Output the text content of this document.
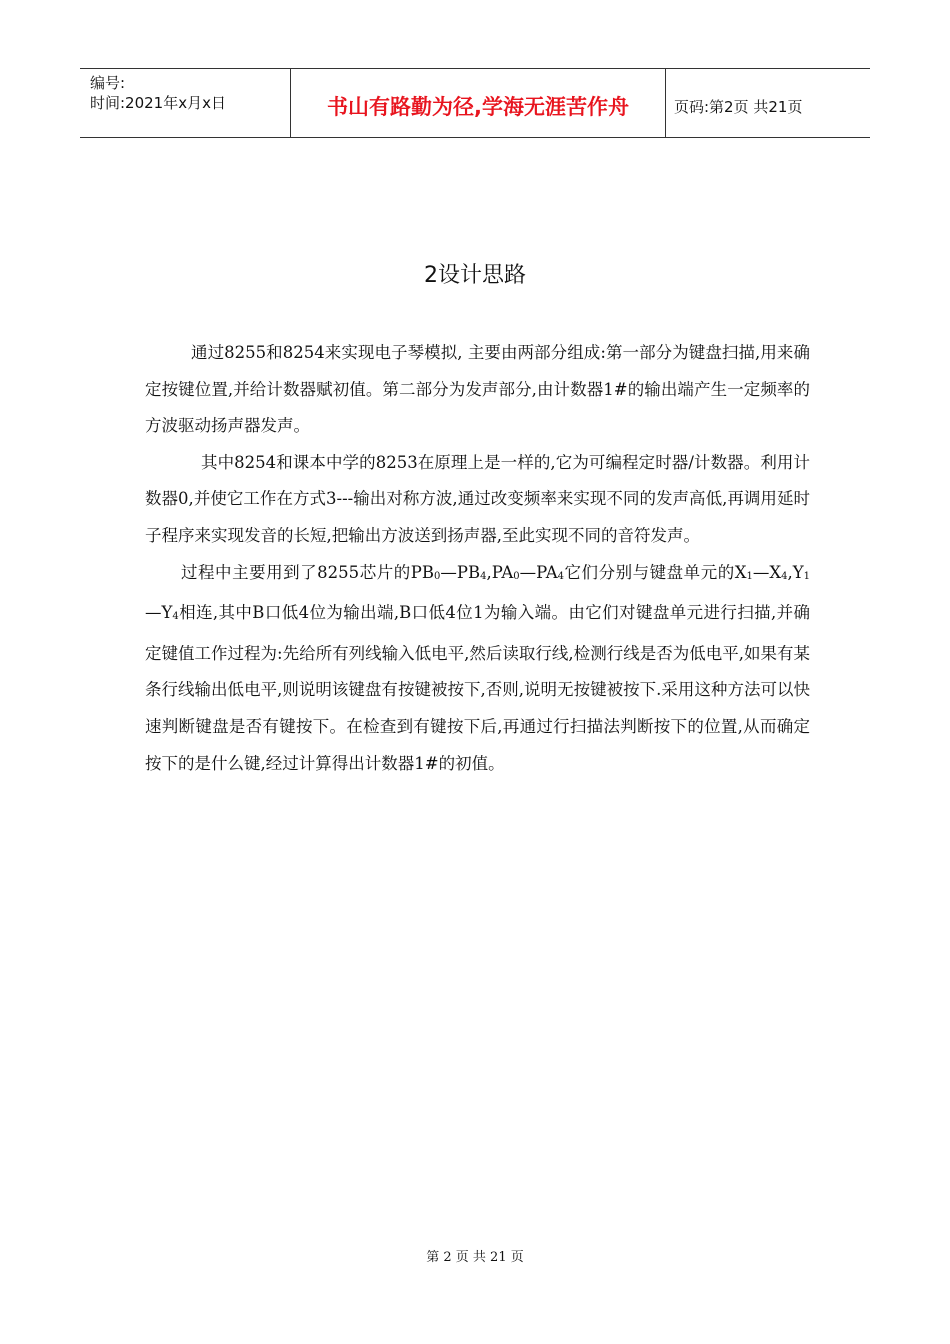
编号:
时间:2021年x月x日	书山有路勤为径,学海无涯苦作舟	页码:第2页 共21页
2设计思路

通过8255和8254来实现电子琴模拟, 主要由两部分组成:第一部分为键盘扫描,用来确定按键位置,并给计数器赋初值。第二部分为发声部分,由计数器1#的输出端产生一定频率的方波驱动扬声器发声。

其中8254和课本中学的8253在原理上是一样的,它为可编程定时器/计数器。利用计数器0,并使它工作在方式3---输出对称方波,通过改变频率来实现不同的发声高低,再调用延时子程序来实现发音的长短,把输出方波送到扬声器,至此实现不同的音符发声。

过程中主要用到了8255芯片的$PB_0—PB_4,PA_0—PA_4$它们分别与键盘单元的$X_1—X_4,Y_1—Y_4$相连,其中B口低4位为输出端,B口低4位1为输入端。由它们对键盘单元进行扫描,并确定键值工作过程为:先给所有列线输入低电平,然后读取行线,检测行线是否为低电平,如果有某条行线输出低电平,则说明该键盘有按键被按下,否则,说明无按键被按下.采用这种方法可以快速判断键盘是否有键按下。在检查到有键按下后,再通过行扫描法判断按下的位置,从而确定按下的是什么键,经过计算得出计数器1#的初值。

第 2 页 共 21 页
